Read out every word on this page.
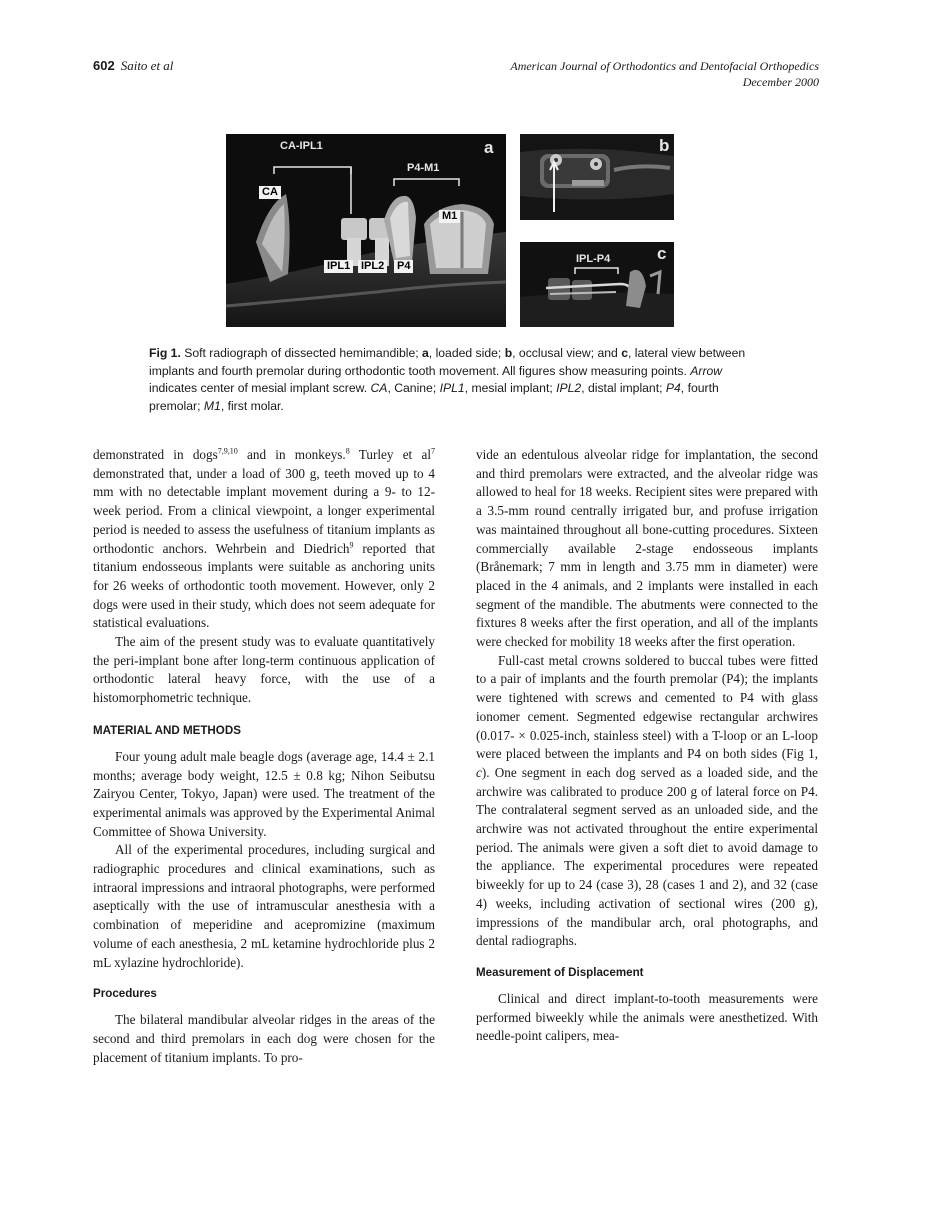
602 Saito et al	American Journal of Orthodontics and Dentofacial Orthopedics
December 2000
CA-IPL1
P4-M1
CA
M1
IPL1 IPL2 P4
a	b
IPL-P4	c
Fig 1. Soft radiograph of dissected hemimandible; a, loaded side; b, occlusal view; and c, lateral view between implants and fourth premolar during orthodontic tooth movement. All figures show measuring points. Arrow indicates center of mesial implant screw. CA, Canine; IPL1, mesial implant; IPL2, distal implant; P4, fourth premolar; M1, first molar.

demonstrated in dogs$^{7,9,10}$ and in monkeys.$^8$ Turley et $al^7$ demonstrated that, under a load of 300 g, teeth moved up to 4 mm with no detectable implant movement during a 9- to 12-week period. From a clinical viewpoint, a longer experimental period is needed to assess the usefulness of titanium implants as orthodontic anchors. Wehrbein and Diedrich$^9$ reported that titanium endosseous implants were suitable as anchoring units for 26 weeks of orthodontic tooth movement. However, only 2 dogs were used in their study, which does not seem adequate for statistical evaluations.

The aim of the present study was to evaluate quantitatively the peri-implant bone after long-term continuous application of orthodontic lateral heavy force, with the use of a histomorphometric technique.

MATERIAL AND METHODS

Four young adult male beagle dogs (average age, 14.4 ± 2.1 months; average body weight, 12.5 ± 0.8 kg; Nihon Seibutsu Zairyou Center, Tokyo, Japan) were used. The treatment of the experimental animals was approved by the Experimental Animal Committee of Showa University.

All of the experimental procedures, including surgical and radiographic procedures and clinical examinations, such as intraoral impressions and intraoral photographs, were performed aseptically with the use of intramuscular anesthesia with a combination of meperidine and acepromizine (maximum volume of each anesthesia, 2 mL ketamine hydrochloride plus 2 mL xylazine hydrochloride).

Procedures

The bilateral mandibular alveolar ridges in the areas of the second and third premolars in each dog were chosen for the placement of titanium implants. To pro-

vide an edentulous alveolar ridge for implantation, the second and third premolars were extracted, and the alveolar ridge was allowed to heal for 18 weeks. Recipient sites were prepared with a 3.5-mm round centrally irrigated bur, and profuse irrigation was maintained throughout all bone-cutting procedures. Sixteen commercially available 2-stage endosseous implants (Brånemark; 7 mm in length and 3.75 mm in diameter) were placed in the 4 animals, and 2 implants were installed in each segment of the mandible. The abutments were connected to the fixtures 8 weeks after the first operation, and all of the implants were checked for mobility 18 weeks after the first operation.

Full-cast metal crowns soldered to buccal tubes were fitted to a pair of implants and the fourth premolar (P4); the implants were tightened with screws and cemented to P4 with glass ionomer cement. Segmented edgewise rectangular archwires (0.017- × 0.025-inch, stainless steel) with a T-loop or an L-loop were placed between the implants and P4 on both sides (Fig 1, c). One segment in each dog served as a loaded side, and the archwire was calibrated to produce 200 g of lateral force on P4. The contralateral segment served as an unloaded side, and the archwire was not activated throughout the entire experimental period. The animals were given a soft diet to avoid damage to the appliance. The experimental procedures were repeated biweekly for up to 24 (case 3), 28 (cases 1 and 2), and 32 (case 4) weeks, including activation of sectional wires (200 g), impressions of the mandibular arch, oral photographs, and dental radiographs.

Measurement of Displacement

Clinical and direct implant-to-tooth measurements were performed biweekly while the animals were anesthetized. With needle-point calipers, mea-
